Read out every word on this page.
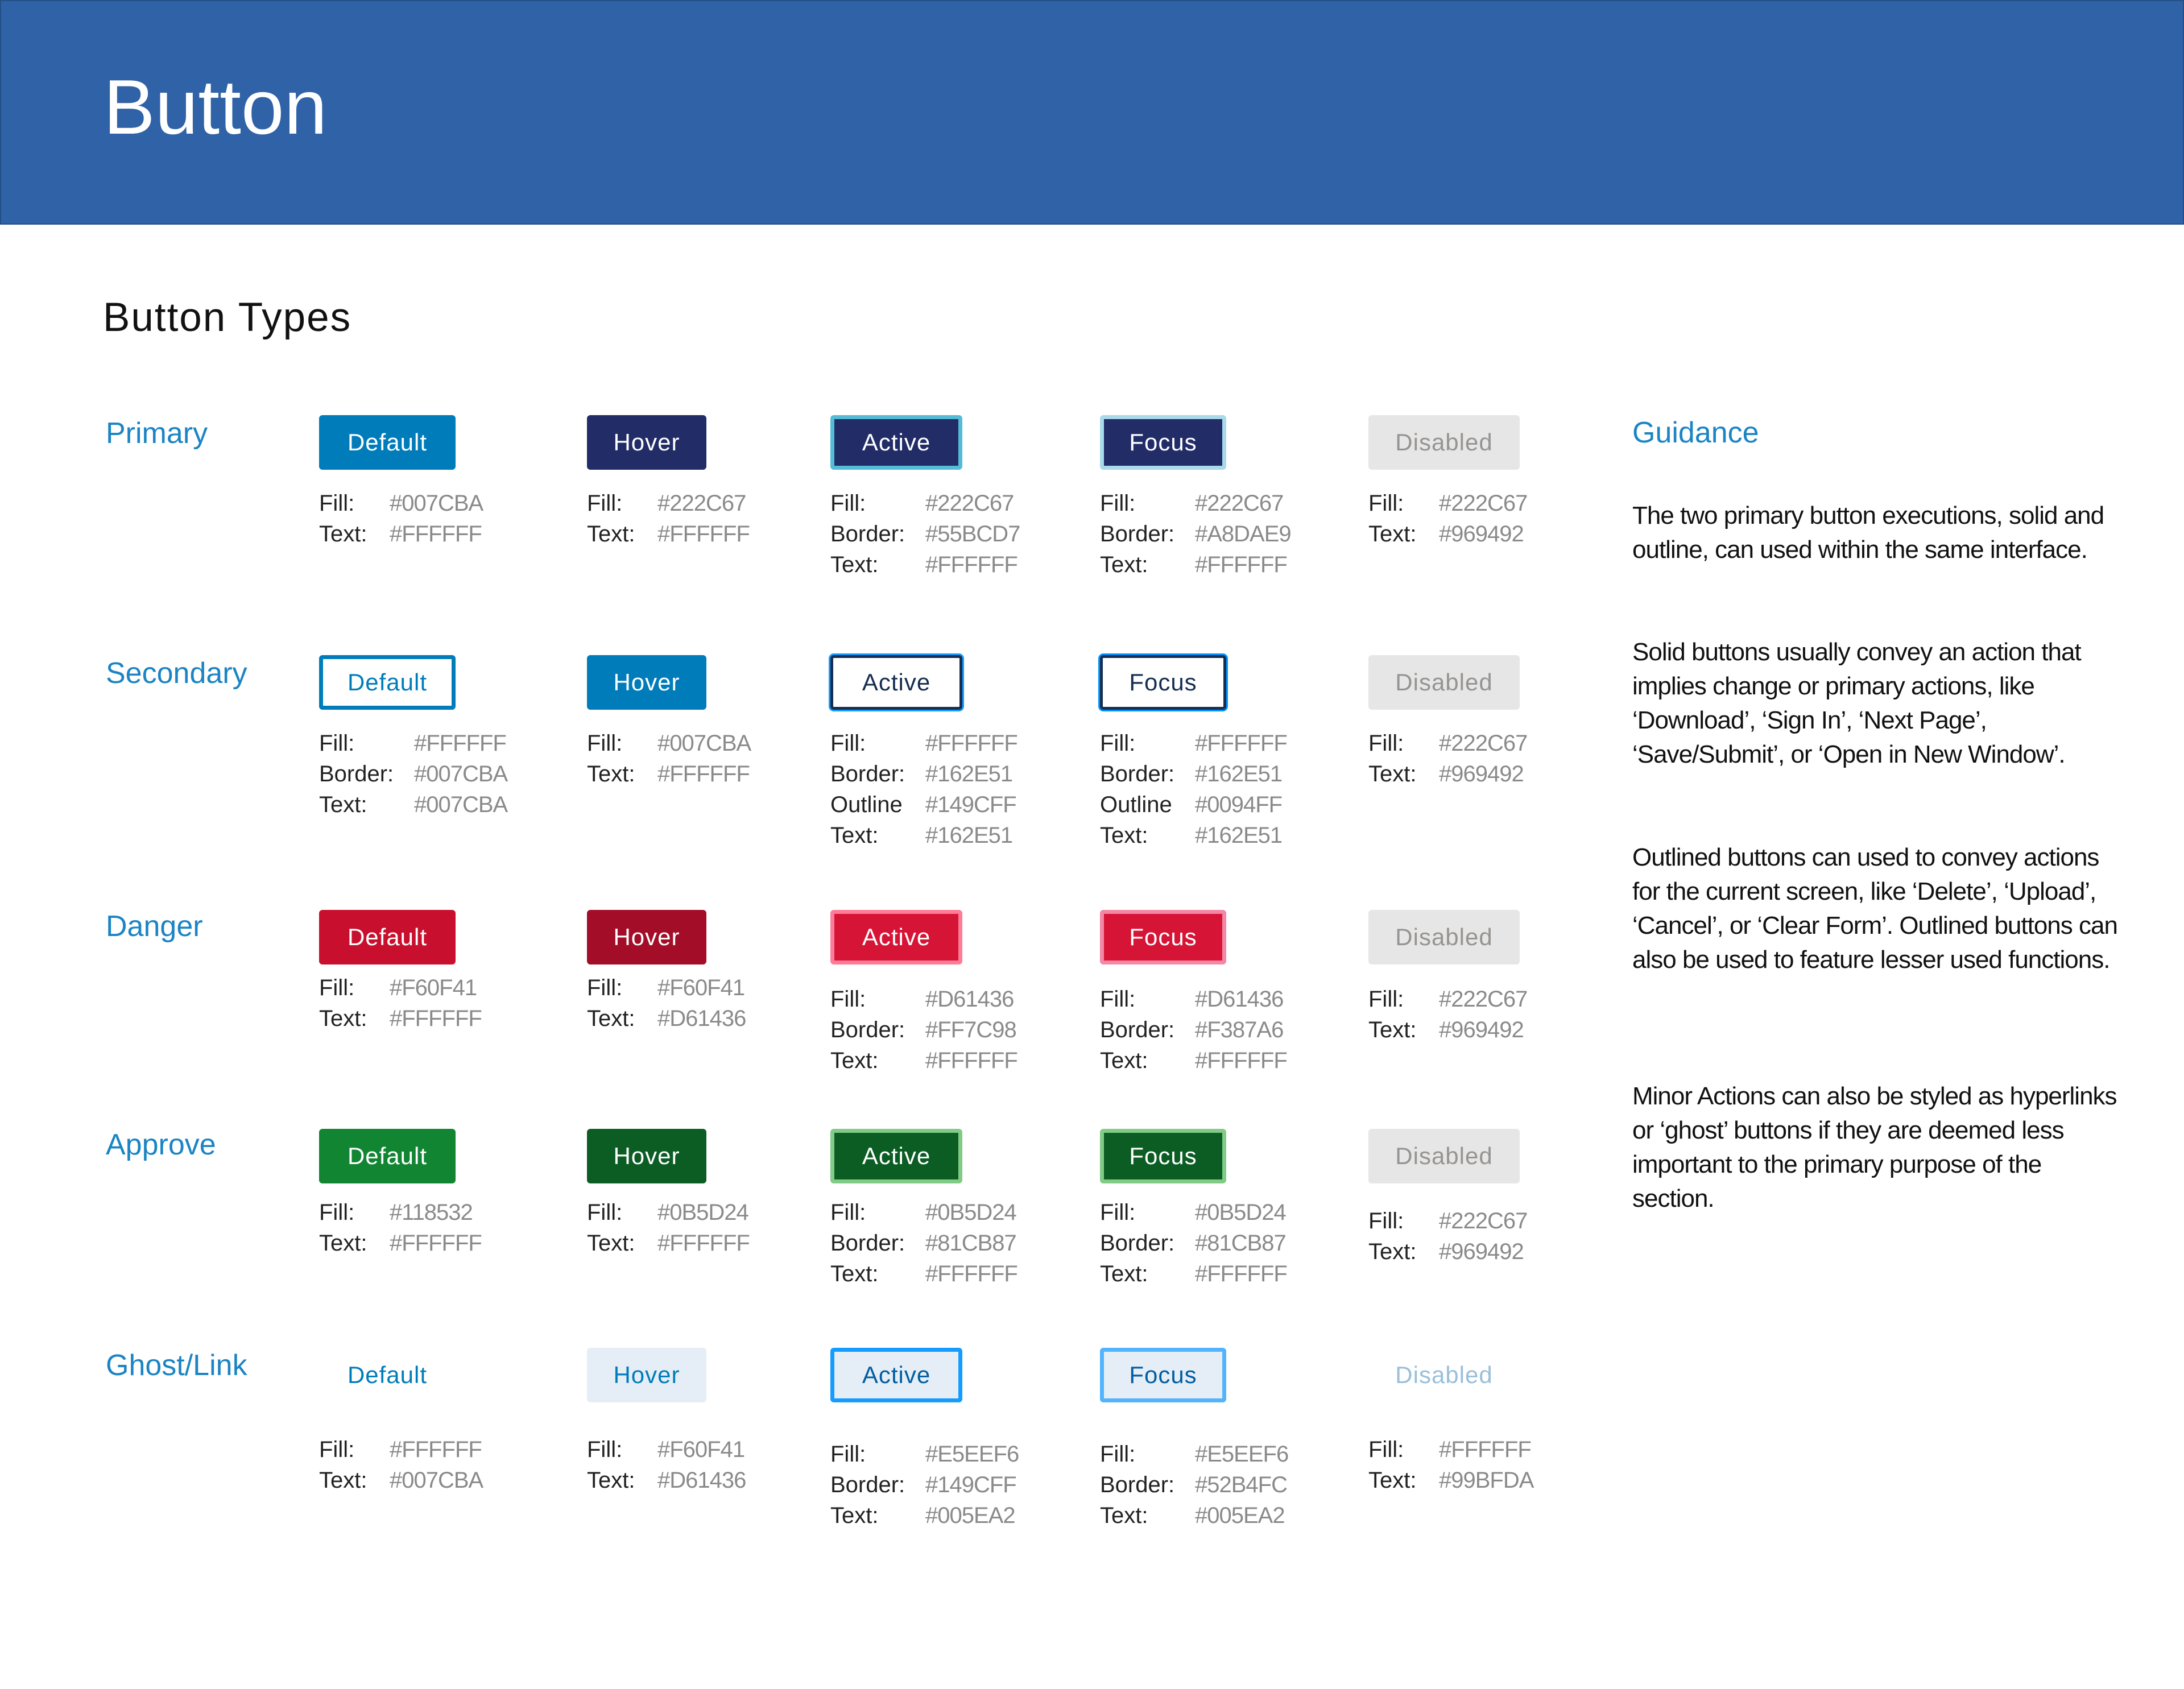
Button
Button Types
Primary	Default
Fill:	#007CBA
Text: #FFFFFF
Hover
Fill:	#222C67
Text: #FFFFFF
Active
Fill:	#222C67
Border: #55BCD7
Text:	#FFFFFF
Focus
Fill:	#222C67
Border: #A8DAE9
Text:	#FFFFFF
Disabled
Fill:	#222C67
Text: #969492
Secondary	Default
Fill:	#FFFFFF
Border: #007CBA
Text:	#007CBA
Hover
Fill:	#007CBA
Text: #FFFFFF
Active
Fill:	#FFFFFF
Border: #162E51
Outline	#149CFF
Text:	#162E51
Focus
Fill:	#FFFFFF
Border: #162E51
Outline	#0094FF
Text:	#162E51
Disabled
Fill:	#222C67
Text: #969492
Danger	Default
Fill:	#F60F41
Text: #FFFFFF
Hover
Fill:	#F60F41
Text: #D61436
Active
Fill:	#D61436
Border: #FF7C98
Text:	#FFFFFF
Focus
Fill:	#D61436
Border: #F387A6
Text:	#FFFFFF
Disabled
Fill:	#222C67
Text: #969492
Approve	Default
Fill:	#118532
Text: #FFFFFF
Hover
Fill:	#0B5D24
Text: #FFFFFF
Active
Fill:	#0B5D24
Border: #81CB87
Text:	#FFFFFF
Focus
Fill:	#0B5D24
Border: #81CB87
Text:	#FFFFFF
Disabled
Fill:	#222C67
Text: #969492
Ghost/Link	Default
Fill:	#FFFFFF
Text: #007CBA
Hover
Fill:	#F60F41
Text: #D61436
Active
Fill:	#E5EEF6
Border: #149CFF
Text:	#005EA2
Focus
Fill:	#E5EEF6
Border: #52B4FC
Text:	#005EA2
Disabled
Fill:	#FFFFFF
Text: #99BFDA
Guidance

The two primary button executions, solid and outline, can used within the same interface.

Solid buttons usually convey an action that implies change or primary actions, like ‘Download’, ‘Sign In’, ‘Next Page’, ‘Save/Submit’, or ‘Open in New Window’.

Outlined buttons can used to convey actions for the current screen, like ‘Delete’, ‘Upload’, ‘Cancel’, or ‘Clear Form’. Outlined buttons can also be used to feature lesser used functions.

Minor Actions can also be styled as hyperlinks or ‘ghost’ buttons if they are deemed less important to the primary purpose of the section.
